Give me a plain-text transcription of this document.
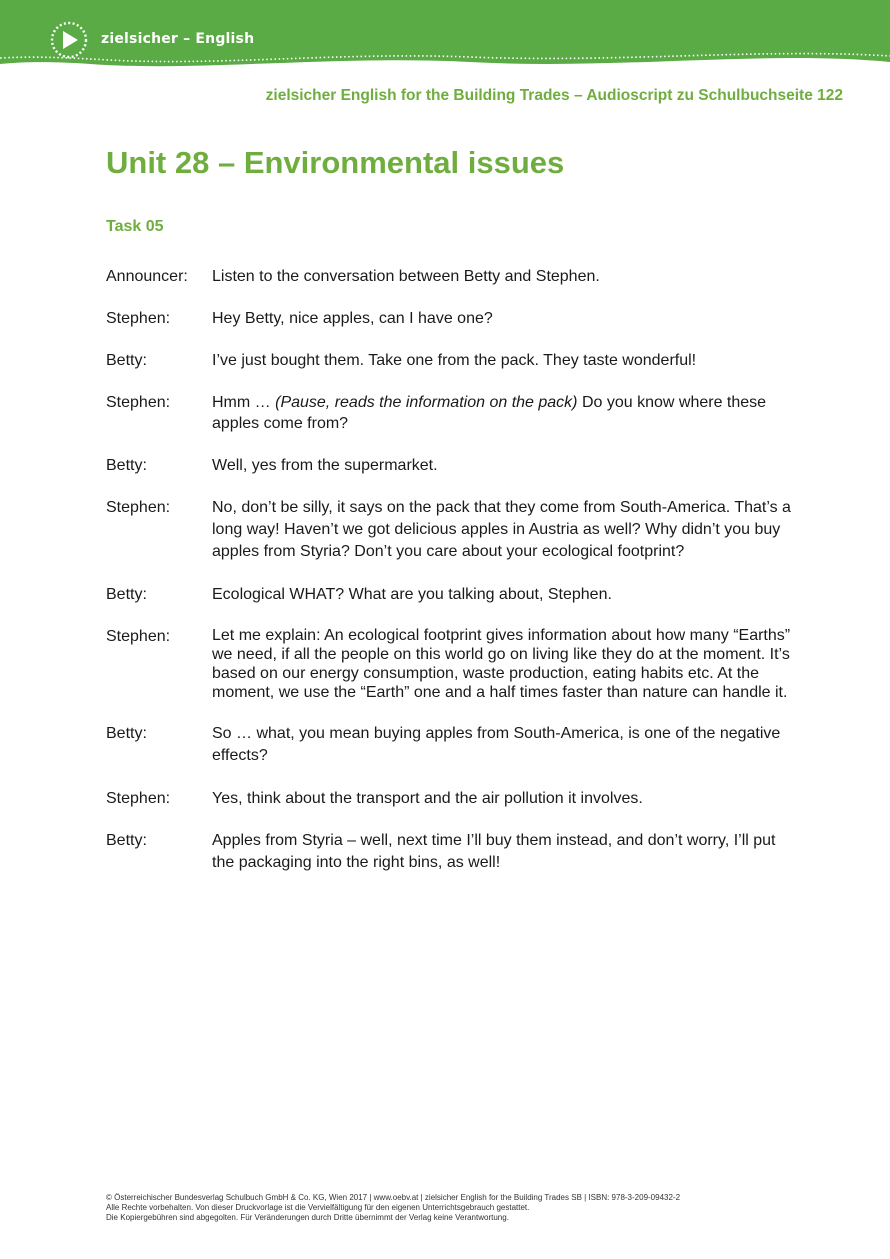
zielsicher – English
zielsicher English for the Building Trades – Audioscript zu Schulbuchseite 122
Unit 28 – Environmental issues
Task 05
Announcer:	Listen to the conversation between Betty and Stephen.
Stephen:	Hey Betty, nice apples, can I have one?
Betty:	I’ve just bought them. Take one from the pack. They taste wonderful!
Stephen:	Hmm … (Pause, reads the information on the pack) Do you know where these apples come from?
Betty:	Well, yes from the supermarket.
Stephen:	No, don’t be silly, it says on the pack that they come from South-America. That’s a long way! Haven’t we got delicious apples in Austria as well? Why didn’t you buy apples from Styria? Don’t you care about your ecological footprint?
Betty:	Ecological WHAT? What are you talking about, Stephen.
Stephen:	Let me explain: An ecological footprint gives information about how many “Earths” we need, if all the people on this world go on living like they do at the moment. It’s based on our energy consumption, waste production, eating habits etc. At the moment, we use the “Earth” one and a half times faster than nature can handle it.
Betty:	So … what, you mean buying apples from South-America, is one of the negative effects?
Stephen:	Yes, think about the transport and the air pollution it involves.
Betty:	Apples from Styria – well, next time I’ll buy them instead, and don’t worry, I’ll put the packaging into the right bins, as well!
© Österreichischer Bundesverlag Schulbuch GmbH & Co. KG, Wien 2017 | www.oebv.at | zielsicher English for the Building Trades SB | ISBN: 978-3-209-09432-2
Alle Rechte vorbehalten. Von dieser Druckvorlage ist die Vervielfältigung für den eigenen Unterrichtsgebrauch gestattet.
Die Kopiergebühren sind abgegolten. Für Veränderungen durch Dritte übernimmt der Verlag keine Verantwortung.
